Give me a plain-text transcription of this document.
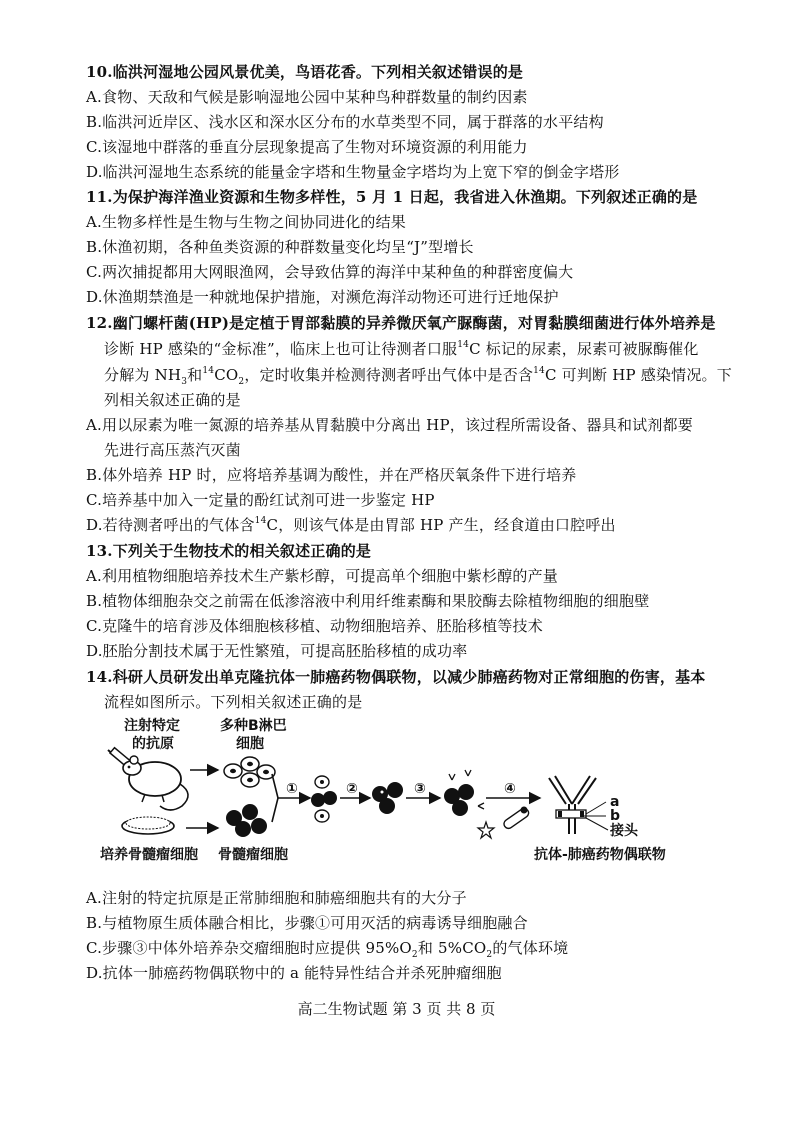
10.临洪河湿地公园风景优美，鸟语花香。下列相关叙述错误的是
A.食物、天敌和气候是影响湿地公园中某种鸟种群数量的制约因素
B.临洪河近岸区、浅水区和深水区分布的水草类型不同，属于群落的水平结构
C.该湿地中群落的垂直分层现象提高了生物对环境资源的利用能力
D.临洪河湿地生态系统的能量金字塔和生物量金字塔均为上宽下窄的倒金字塔形
11.为保护海洋渔业资源和生物多样性，5 月 1 日起，我省进入休渔期。下列叙述正确的是
A.生物多样性是生物与生物之间协同进化的结果
B.休渔初期，各种鱼类资源的种群数量变化均呈“J”型增长
C.两次捕捉都用大网眼渔网，会导致估算的海洋中某种鱼的种群密度偏大
D.休渔期禁渔是一种就地保护措施，对濒危海洋动物还可进行迁地保护
12.幽门螺杆菌(HP)是定植于胃部黏膜的异养微厌氧产脲酶菌，对胃黏膜细菌进行体外培养是
诊断 HP 感染的“金标准”，临床上也可让待测者口服$^{14}$C 标记的尿素，尿素可被脲酶催化
分解为 $NH_3$和$^{14}CO_2$，定时收集并检测待测者呼出气体中是否含$^{14}$C 可判断 HP 感染情况。下
列相关叙述正确的是
A.用以尿素为唯一氮源的培养基从胃黏膜中分离出 HP，该过程所需设备、器具和试剂都要
先进行高压蒸汽灭菌
B.体外培养 HP 时，应将培养基调为酸性，并在严格厌氧条件下进行培养
C.培养基中加入一定量的酚红试剂可进一步鉴定 HP
D.若待测者呼出的气体含$^{14}$C，则该气体是由胃部 HP 产生，经食道由口腔呼出
13.下列关于生物技术的相关叙述正确的是
A.利用植物细胞培养技术生产紫杉醇，可提高单个细胞中紫杉醇的产量
B.植物体细胞杂交之前需在低渗溶液中利用纤维素酶和果胶酶去除植物细胞的细胞壁
C.克隆牛的培育涉及体细胞核移植、动物细胞培养、胚胎移植等技术
D.胚胎分割技术属于无性繁殖，可提高胚胎移植的成功率
14.科研人员研发出单克隆抗体一肺癌药物偶联物，以减少肺癌药物对正常细胞的伤害，基本
流程如图所示。下列相关叙述正确的是
注射特定
的抗原
多种B淋巴
细胞
培养骨髓瘤细胞 骨髓瘤细胞
①	②	③	④
a
b
接头
抗体-肺癌药物偶联物
A.注射的特定抗原是正常肺细胞和肺癌细胞共有的大分子
B.与植物原生质体融合相比，步骤①可用灭活的病毒诱导细胞融合
C.步骤③中体外培养杂交瘤细胞时应提供 $95\%O_2$和 $5\%CO_2$的气体环境
D.抗体一肺癌药物偶联物中的 a 能特异性结合并杀死肿瘤细胞
高二生物试题 第 3 页 共 8 页
